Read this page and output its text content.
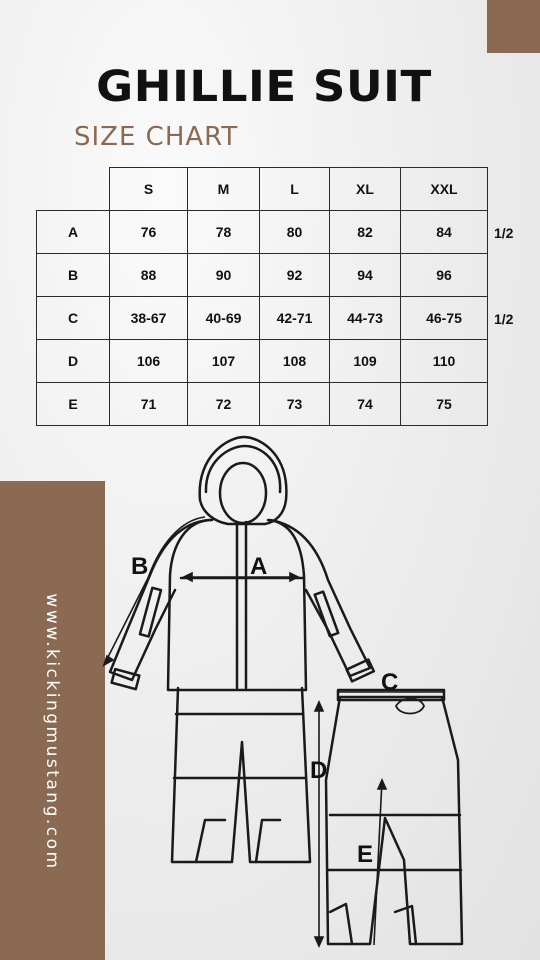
www.kickingmustang.com
GHILLIE SUIT
SIZE CHART
	S	M	L	XL	XXL
A	76	78	80	82	84
B	88	90	92	94	96
C	38-67	40-69	42-71	44-73	46-75
D	106	107	108	109	110
E	71	72	73	74	75
1/2
1/2
B	A
C
D
E
